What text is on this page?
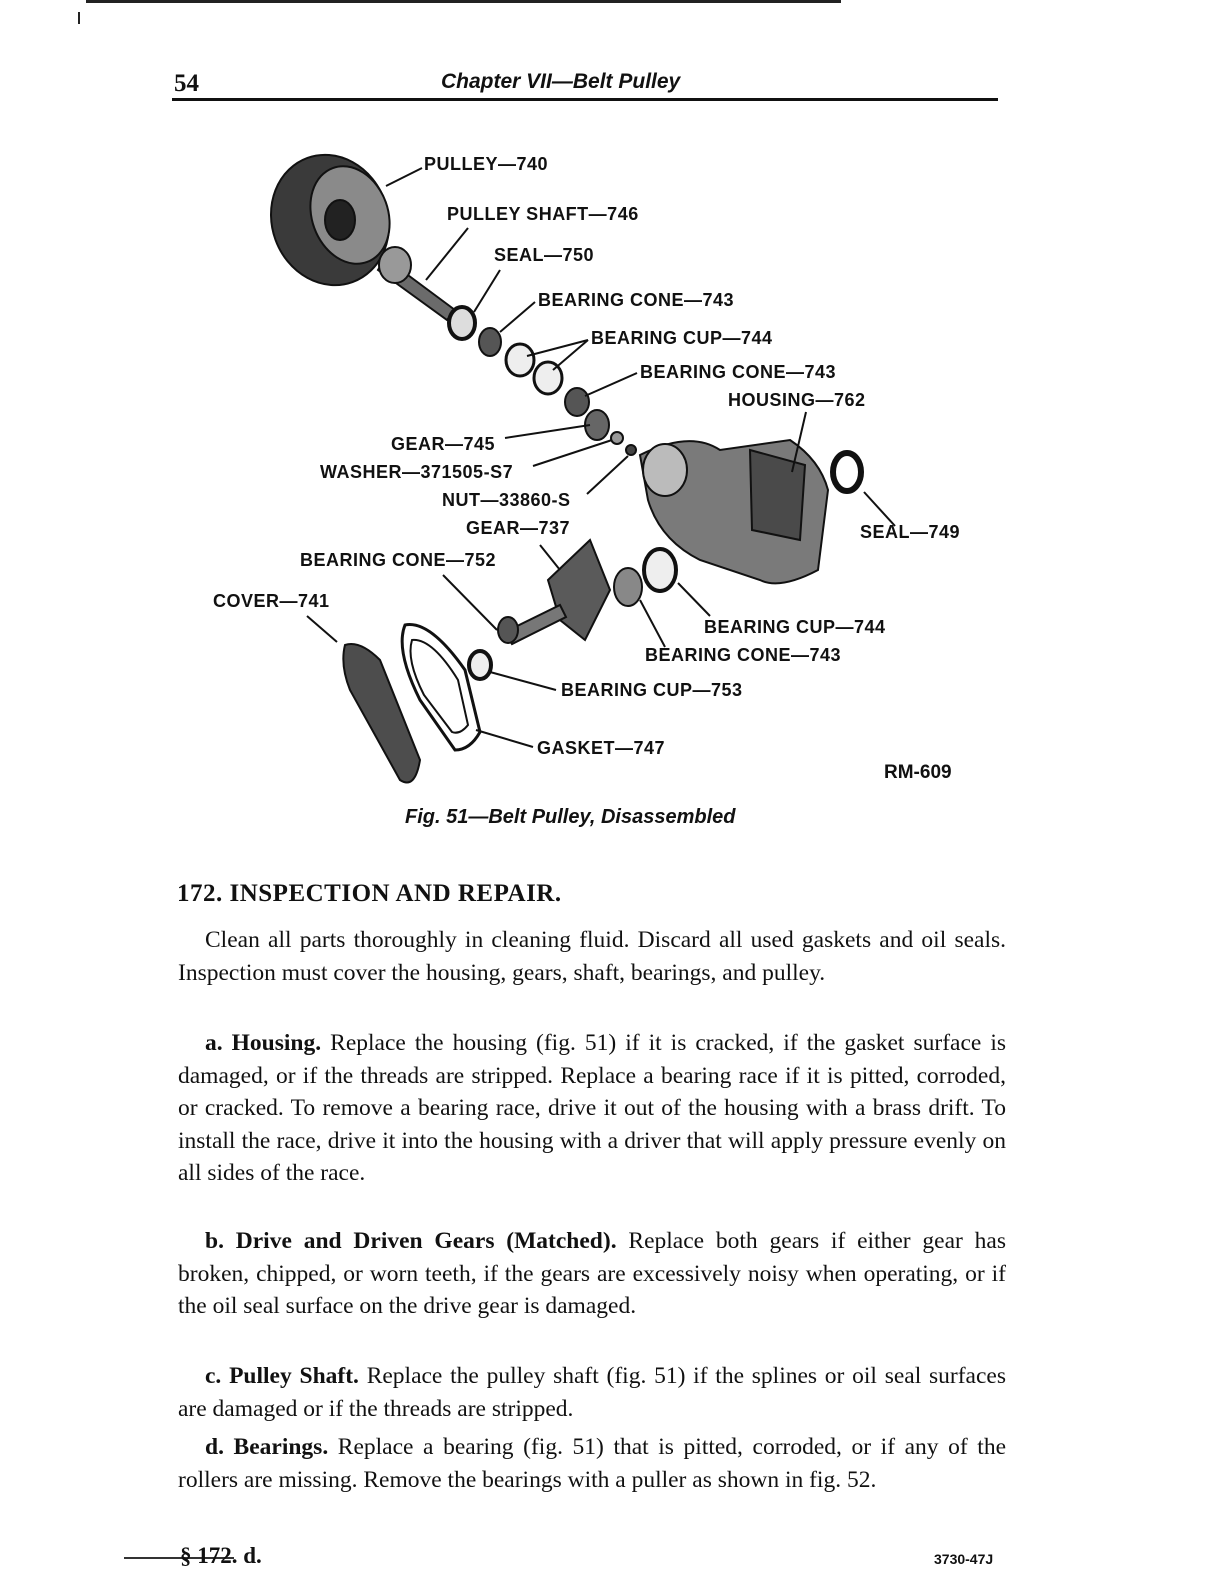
54	Chapter VII—Belt Pulley
PULLEY—740
PULLEY SHAFT—746
SEAL—750
BEARING CONE—743
BEARING CUP—744
BEARING CONE—743
HOUSING—762
GEAR—745
WASHER—371505-S7
NUT—33860-S
GEAR—737	SEAL—749
BEARING CONE—752
COVER—741
BEARING CUP—744
BEARING CONE—743
BEARING CUP—753
GASKET—747
RM-609
Fig. 51—Belt Pulley, Disassembled
172. INSPECTION AND REPAIR.

Clean all parts thoroughly in cleaning fluid. Discard all used gaskets and oil seals. Inspection must cover the housing, gears, shaft, bearings, and pulley.

a. Housing. Replace the housing (fig. 51) if it is cracked, if the gasket surface is damaged, or if the threads are stripped. Replace a bearing race if it is pitted, corroded, or cracked. To remove a bearing race, drive it out of the housing with a brass drift. To install the race, drive it into the housing with a driver that will apply pressure evenly on all sides of the race.

b. Drive and Driven Gears (Matched). Replace both gears if either gear has broken, chipped, or worn teeth, if the gears are excessively noisy when operating, or if the oil seal surface on the drive gear is damaged.

c. Pulley Shaft. Replace the pulley shaft (fig. 51) if the splines or oil seal surfaces are damaged or if the threads are stripped.

d. Bearings. Replace a bearing (fig. 51) that is pitted, corroded, or if any of the rollers are missing. Remove the bearings with a puller as shown in fig. 52.

§ 172. d.	3730-47J
